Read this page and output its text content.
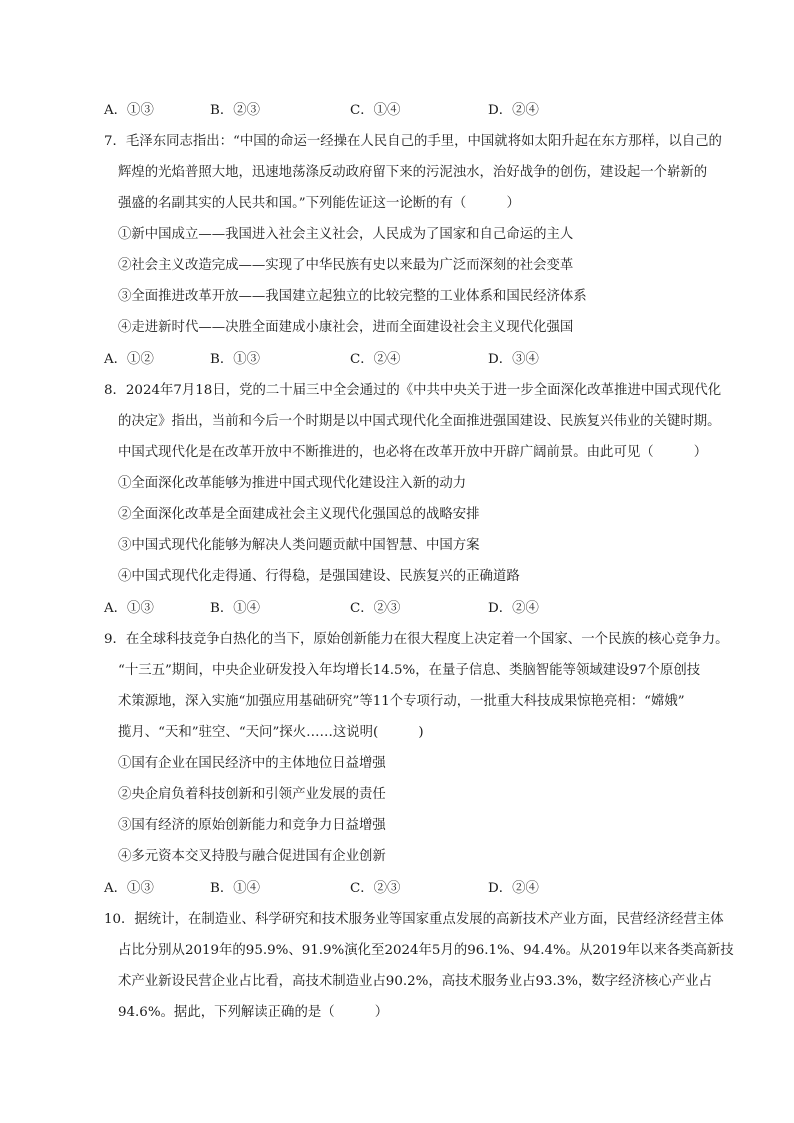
A．①③	B．②③	C．①④	D．②④
7．毛泽东同志指出：“中国的命运一经操在人民自己的手里，中国就将如太阳升起在东方那样，以自己的
辉煌的光焰普照大地，迅速地荡涤反动政府留下来的污泥浊水，治好战争的创伤，建设起一个崭新的
强盛的名副其实的人民共和国。”下列能佐证这一论断的有（　　　）
①新中国成立——我国进入社会主义社会，人民成为了国家和自己命运的主人
②社会主义改造完成——实现了中华民族有史以来最为广泛而深刻的社会变革
③全面推进改革开放——我国建立起独立的比较完整的工业体系和国民经济体系
④走进新时代——决胜全面建成小康社会，进而全面建设社会主义现代化强国
A．①②	B．①③	C．②④	D．③④
8．2024年7月18日，党的二十届三中全会通过的《中共中央关于进一步全面深化改革推进中国式现代化
的决定》指出，当前和今后一个时期是以中国式现代化全面推进强国建设、民族复兴伟业的关键时期。
中国式现代化是在改革开放中不断推进的，也必将在改革开放中开辟广阔前景。由此可见（　　　）
①全面深化改革能够为推进中国式现代化建设注入新的动力
②全面深化改革是全面建成社会主义现代化强国总的战略安排
③中国式现代化能够为解决人类问题贡献中国智慧、中国方案
④中国式现代化走得通、行得稳，是强国建设、民族复兴的正确道路
A．①③	B．①④	C．②③	D．②④
9．在全球科技竞争白热化的当下，原始创新能力在很大程度上决定着一个国家、一个民族的核心竞争力。
“十三五”期间，中央企业研发投入年均增长14.5%，在量子信息、类脑智能等领域建设97个原创技
术策源地，深入实施“加强应用基础研究”等11个专项行动，一批重大科技成果惊艳亮相：“嫦娥”
揽月、“天和”驻空、“天问”探火……这说明(　　　)
①国有企业在国民经济中的主体地位日益增强
②央企肩负着科技创新和引领产业发展的责任
③国有经济的原始创新能力和竞争力日益增强
④多元资本交叉持股与融合促进国有企业创新
A．①③	B．①④	C．②③	D．②④
10．据统计，在制造业、科学研究和技术服务业等国家重点发展的高新技术产业方面，民营经济经营主体
占比分别从2019年的95.9%、91.9%演化至2024年5月的96.1%、94.4%。从2019年以来各类高新技
术产业新设民营企业占比看，高技术制造业占90.2%，高技术服务业占93.3%，数字经济核心产业占
94.6%。据此，下列解读正确的是（　　　）
